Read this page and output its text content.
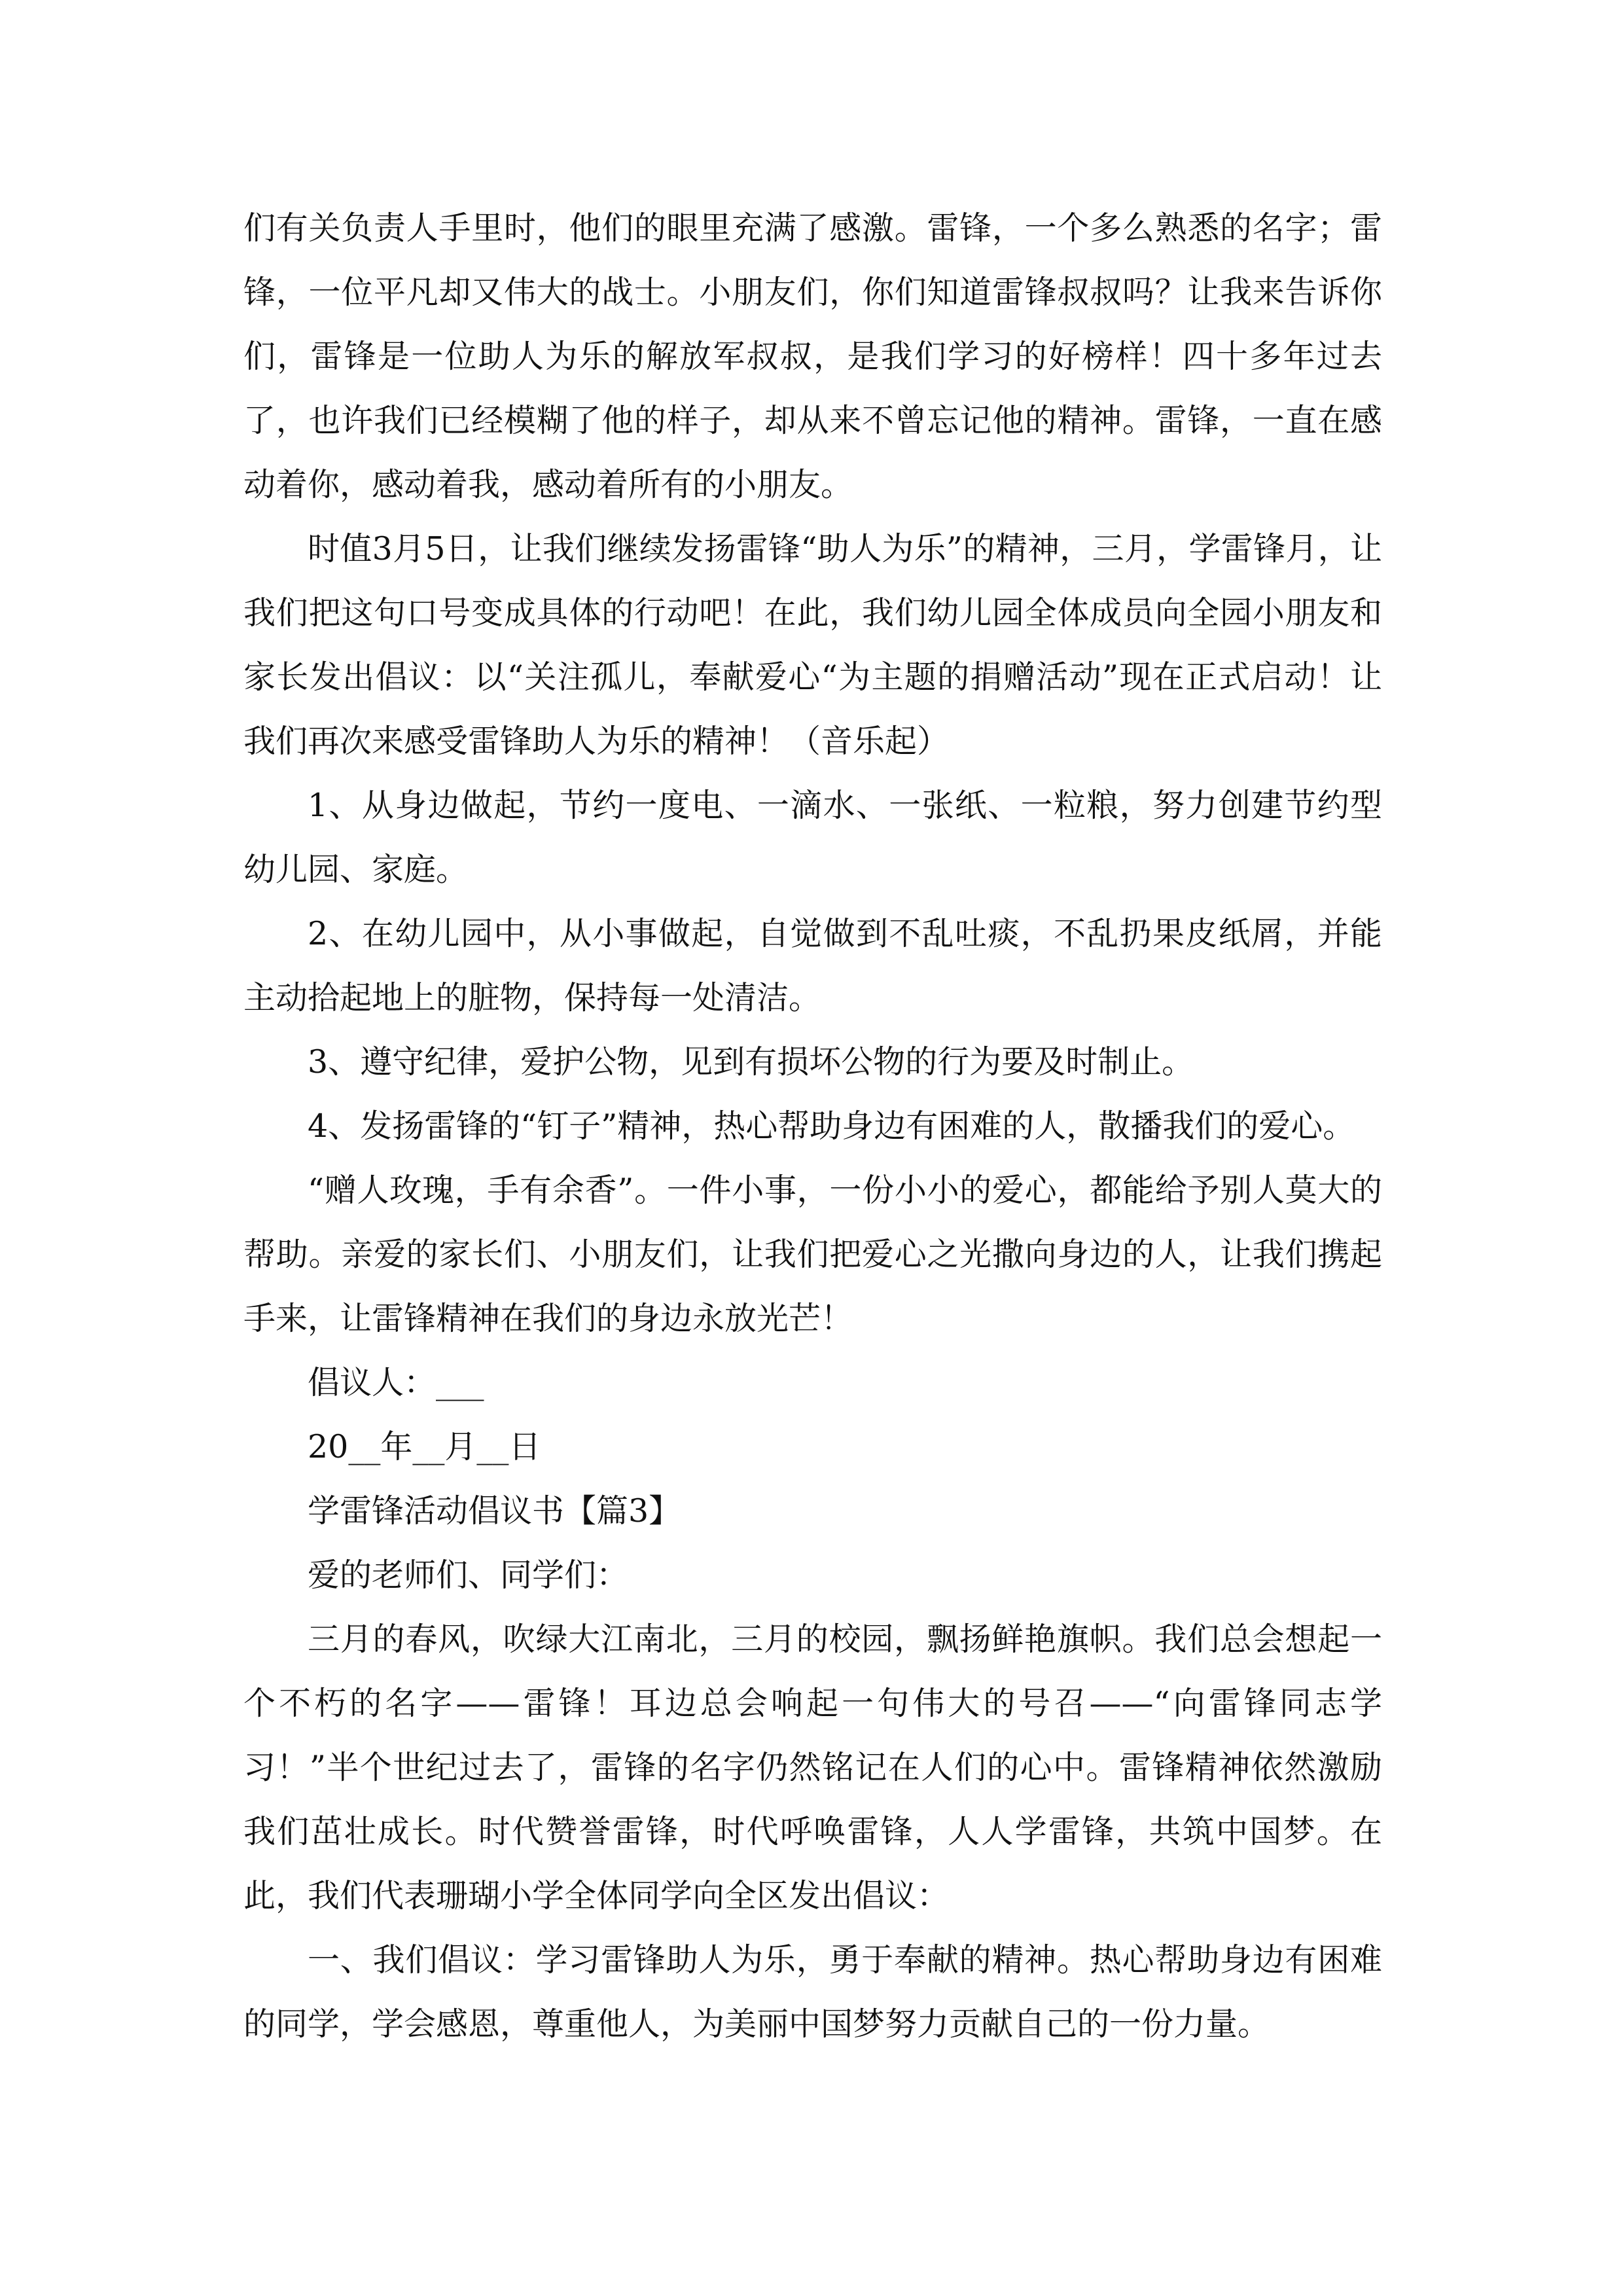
们有关负责人手里时，他们的眼里充满了感激。雷锋，一个多么熟悉的名字；雷锋，一位平凡却又伟大的战士。小朋友们，你们知道雷锋叔叔吗？让我来告诉你们，雷锋是一位助人为乐的解放军叔叔，是我们学习的好榜样！四十多年过去了，也许我们已经模糊了他的样子，却从来不曾忘记他的精神。雷锋，一直在感动着你，感动着我，感动着所有的小朋友。

时值3月5日，让我们继续发扬雷锋“助人为乐”的精神，三月，学雷锋月，让我们把这句口号变成具体的行动吧！在此，我们幼儿园全体成员向全园小朋友和家长发出倡议：以“关注孤儿，奉献爱心“为主题的捐赠活动”现在正式启动！让我们再次来感受雷锋助人为乐的精神！（音乐起）

1、从身边做起，节约一度电、一滴水、一张纸、一粒粮，努力创建节约型幼儿园、家庭。

2、在幼儿园中，从小事做起，自觉做到不乱吐痰，不乱扔果皮纸屑，并能主动拾起地上的脏物，保持每一处清洁。

3、遵守纪律，爱护公物，见到有损坏公物的行为要及时制止。

4、发扬雷锋的“钉子”精神，热心帮助身边有困难的人，散播我们的爱心。

“赠人玫瑰，手有余香”。一件小事，一份小小的爱心，都能给予别人莫大的帮助。亲爱的家长们、小朋友们，让我们把爱心之光撒向身边的人，让我们携起手来，让雷锋精神在我们的身边永放光芒！

倡议人：___

20__年__月__日

学雷锋活动倡议书【篇3】

爱的老师们、同学们：

三月的春风，吹绿大江南北，三月的校园，飘扬鲜艳旗帜。我们总会想起一个不朽的名字——雷锋！耳边总会响起一句伟大的号召——“向雷锋同志学习！”半个世纪过去了，雷锋的名字仍然铭记在人们的心中。雷锋精神依然激励我们茁壮成长。时代赞誉雷锋，时代呼唤雷锋，人人学雷锋，共筑中国梦。在此，我们代表珊瑚小学全体同学向全区发出倡议：

一、我们倡议：学习雷锋助人为乐，勇于奉献的精神。热心帮助身边有困难的同学，学会感恩，尊重他人，为美丽中国梦努力贡献自己的一份力量。
